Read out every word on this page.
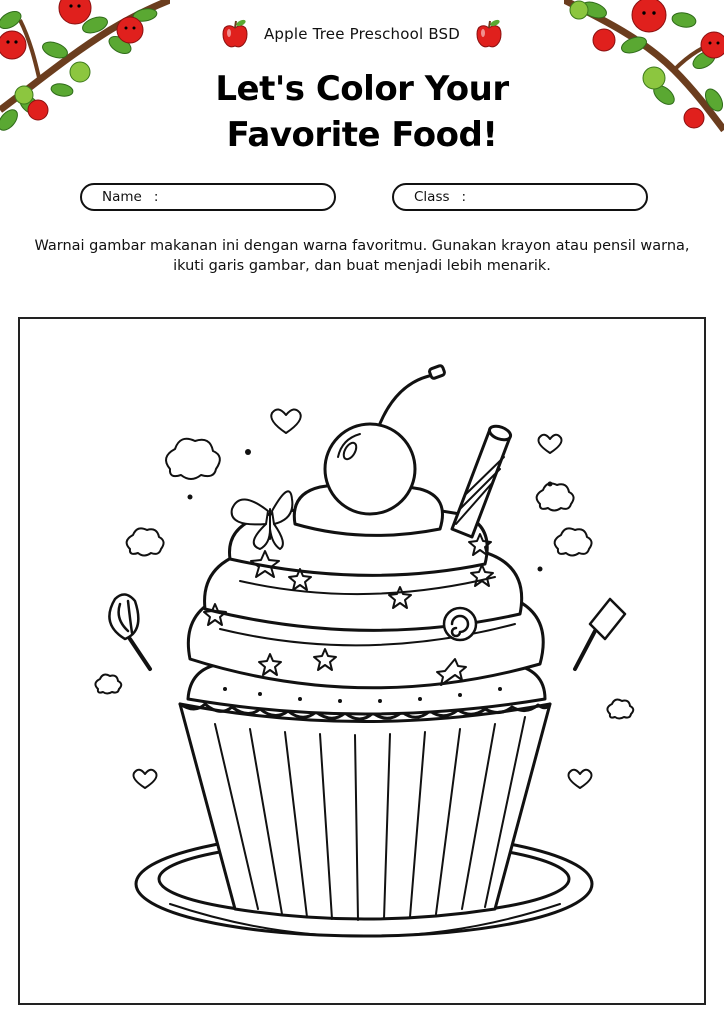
Apple Tree Preschool BSD
Let's Color Your
Favorite Food!
Name :	Class :
Warnai gambar makanan ini dengan warna favoritmu. Gunakan krayon atau pensil warna, ikuti garis gambar, dan buat menjadi lebih menarik.
